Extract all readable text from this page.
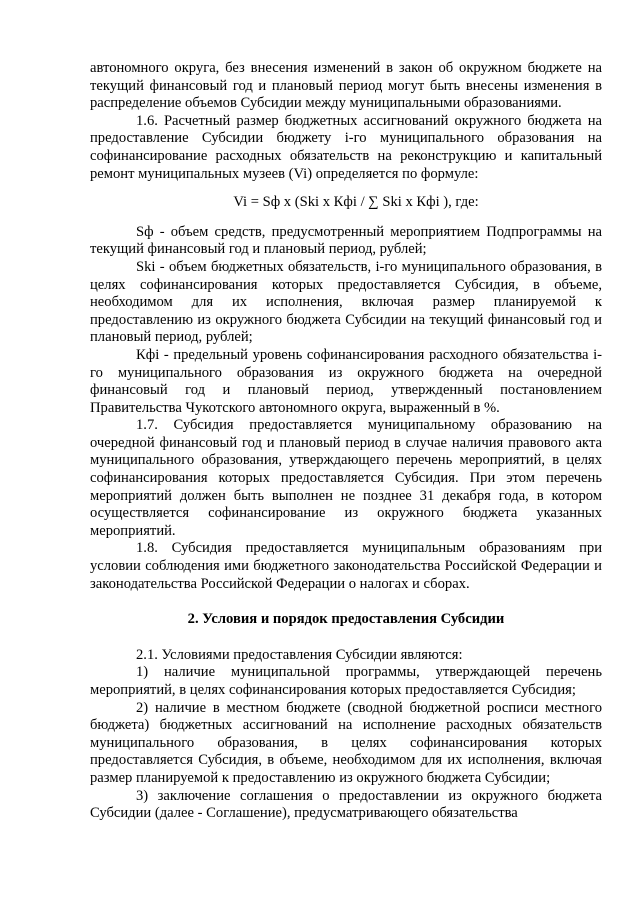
автономного округа, без внесения изменений в закон об окружном бюджете на текущий финансовый год и плановый период могут быть внесены изменения в распределение объемов Субсидии между муниципальными образованиями.

1.6. Расчетный размер бюджетных ассигнований окружного бюджета на предоставление Субсидии бюджету i-го муниципального образования на софинансирование расходных обязательств на реконструкцию и капитальный ремонт муниципальных музеев (Vi) определяется по формуле:

Vi = Sф x (Ski x Кфi / ∑ Ski x Кфi ), где:

Sф - объем средств, предусмотренный мероприятием Подпрограммы на текущий финансовый год и плановый период, рублей;

Ski - объем бюджетных обязательств, i-го муниципального образования, в целях софинансирования которых предоставляется Субсидия, в объеме, необходимом для их исполнения, включая размер планируемой к предоставлению из окружного бюджета Субсидии на текущий финансовый год и плановый период, рублей;

Кфi - предельный уровень софинансирования расходного обязательства i-го муниципального образования из окружного бюджета на очередной финансовый год и плановый период, утвержденный постановлением Правительства Чукотского автономного округа, выраженный в %.

1.7. Субсидия предоставляется муниципальному образованию на очередной финансовый год и плановый период в случае наличия правового акта муниципального образования, утверждающего перечень мероприятий, в целях софинансирования которых предоставляется Субсидия. При этом перечень мероприятий должен быть выполнен не позднее 31 декабря года, в котором осуществляется софинансирование из окружного бюджета указанных мероприятий.

1.8. Субсидия предоставляется муниципальным образованиям при условии соблюдения ими бюджетного законодательства Российской Федерации и законодательства Российской Федерации о налогах и сборах.

2. Условия и порядок предоставления Субсидии

2.1. Условиями предоставления Субсидии являются:

1) наличие муниципальной программы, утверждающей перечень мероприятий, в целях софинансирования которых предоставляется Субсидия;

2) наличие в местном бюджете (сводной бюджетной росписи местного бюджета) бюджетных ассигнований на исполнение расходных обязательств муниципального образования, в целях софинансирования которых предоставляется Субсидия, в объеме, необходимом для их исполнения, включая размер планируемой к предоставлению из окружного бюджета Субсидии;

3) заключение соглашения о предоставлении из окружного бюджета Субсидии (далее - Соглашение), предусматривающего обязательства
